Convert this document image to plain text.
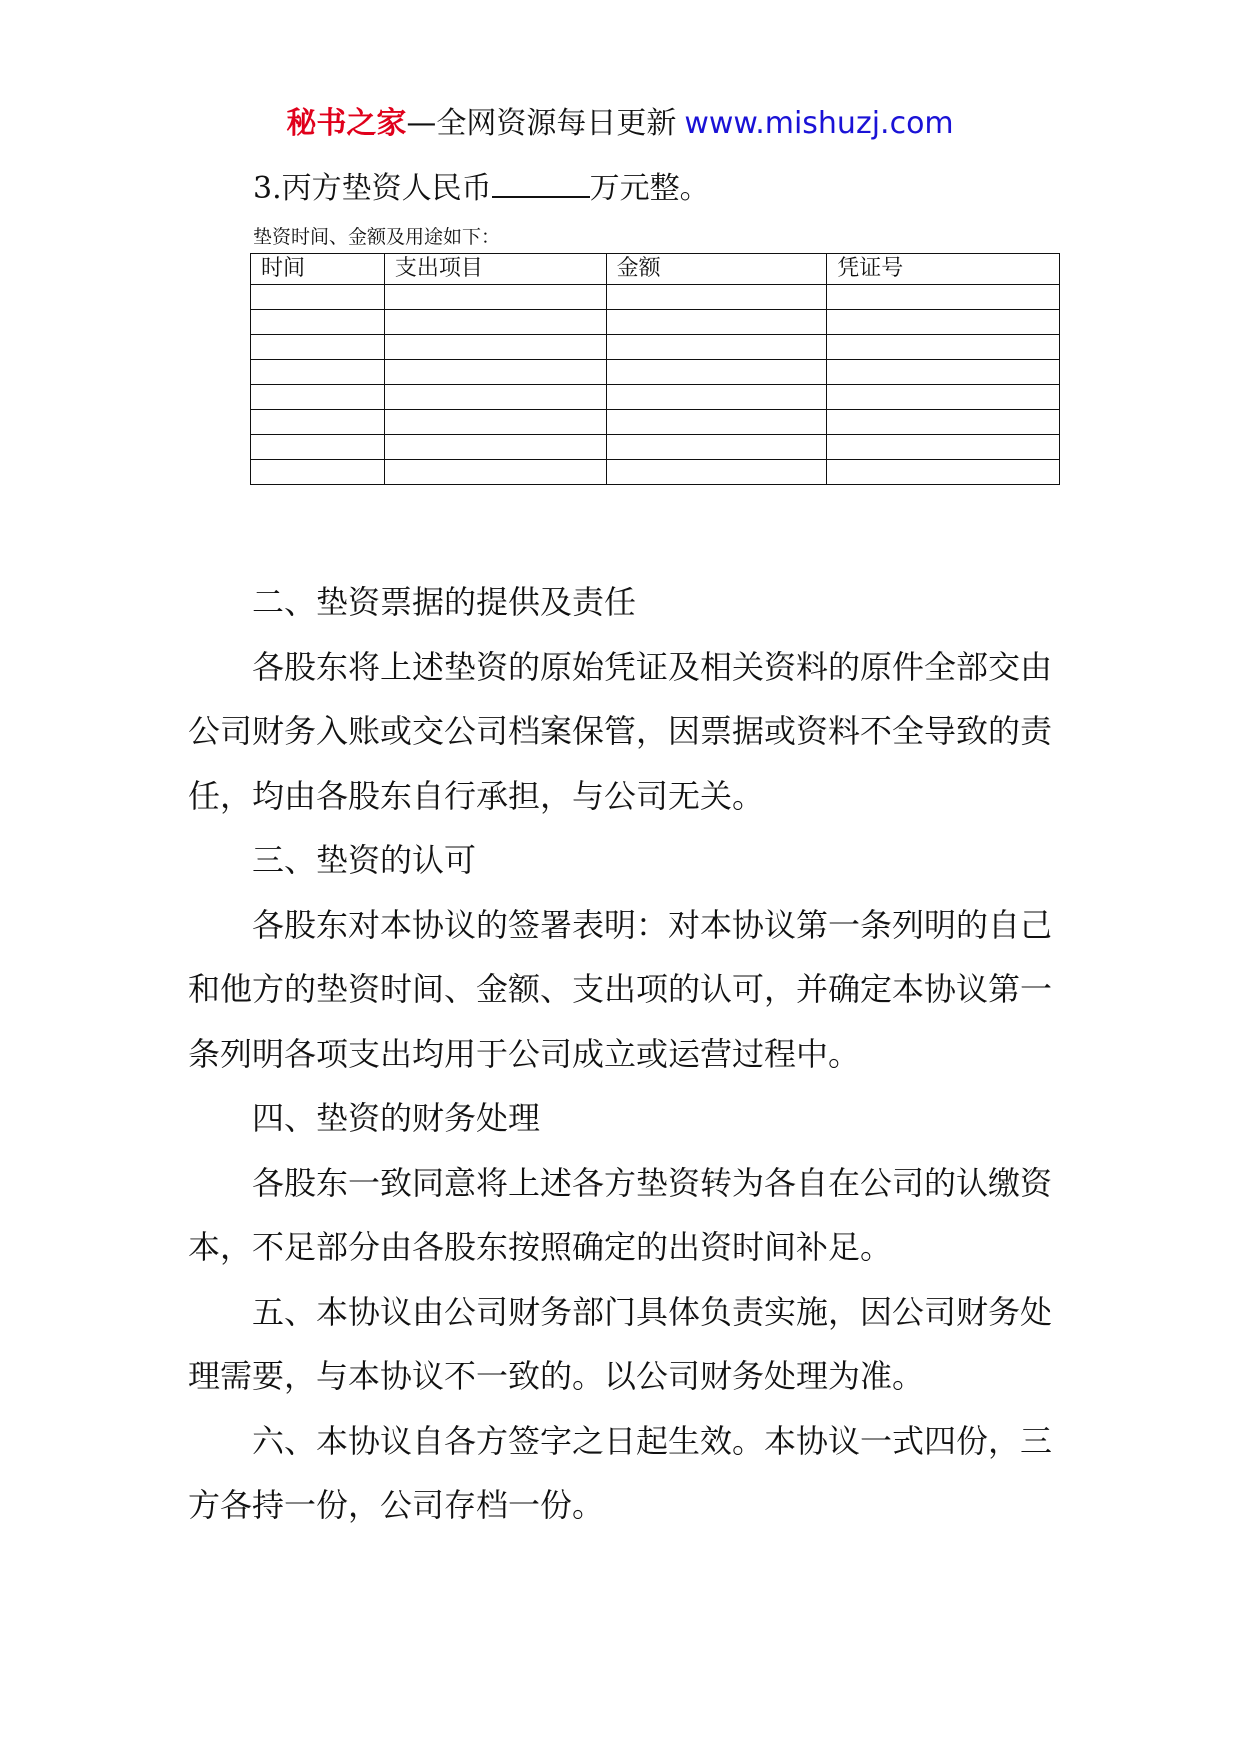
秘书之家—全网资源每日更新 www.mishuzj.com
3.丙方垫资人民币	万元整。
垫资时间、金额及用途如下：
时间	支出项目	金额	凭证号

二、垫资票据的提供及责任

各股东将上述垫资的原始凭证及相关资料的原件全部交由公司财务入账或交公司档案保管，因票据或资料不全导致的责任，均由各股东自行承担，与公司无关。

三、垫资的认可

各股东对本协议的签署表明：对本协议第一条列明的自己和他方的垫资时间、金额、支出项的认可，并确定本协议第一条列明各项支出均用于公司成立或运营过程中。

四、垫资的财务处理

各股东一致同意将上述各方垫资转为各自在公司的认缴资本，不足部分由各股东按照确定的出资时间补足。

五、本协议由公司财务部门具体负责实施，因公司财务处理需要，与本协议不一致的。以公司财务处理为准。

六、本协议自各方签字之日起生效。本协议一式四份，三方各持一份，公司存档一份。
